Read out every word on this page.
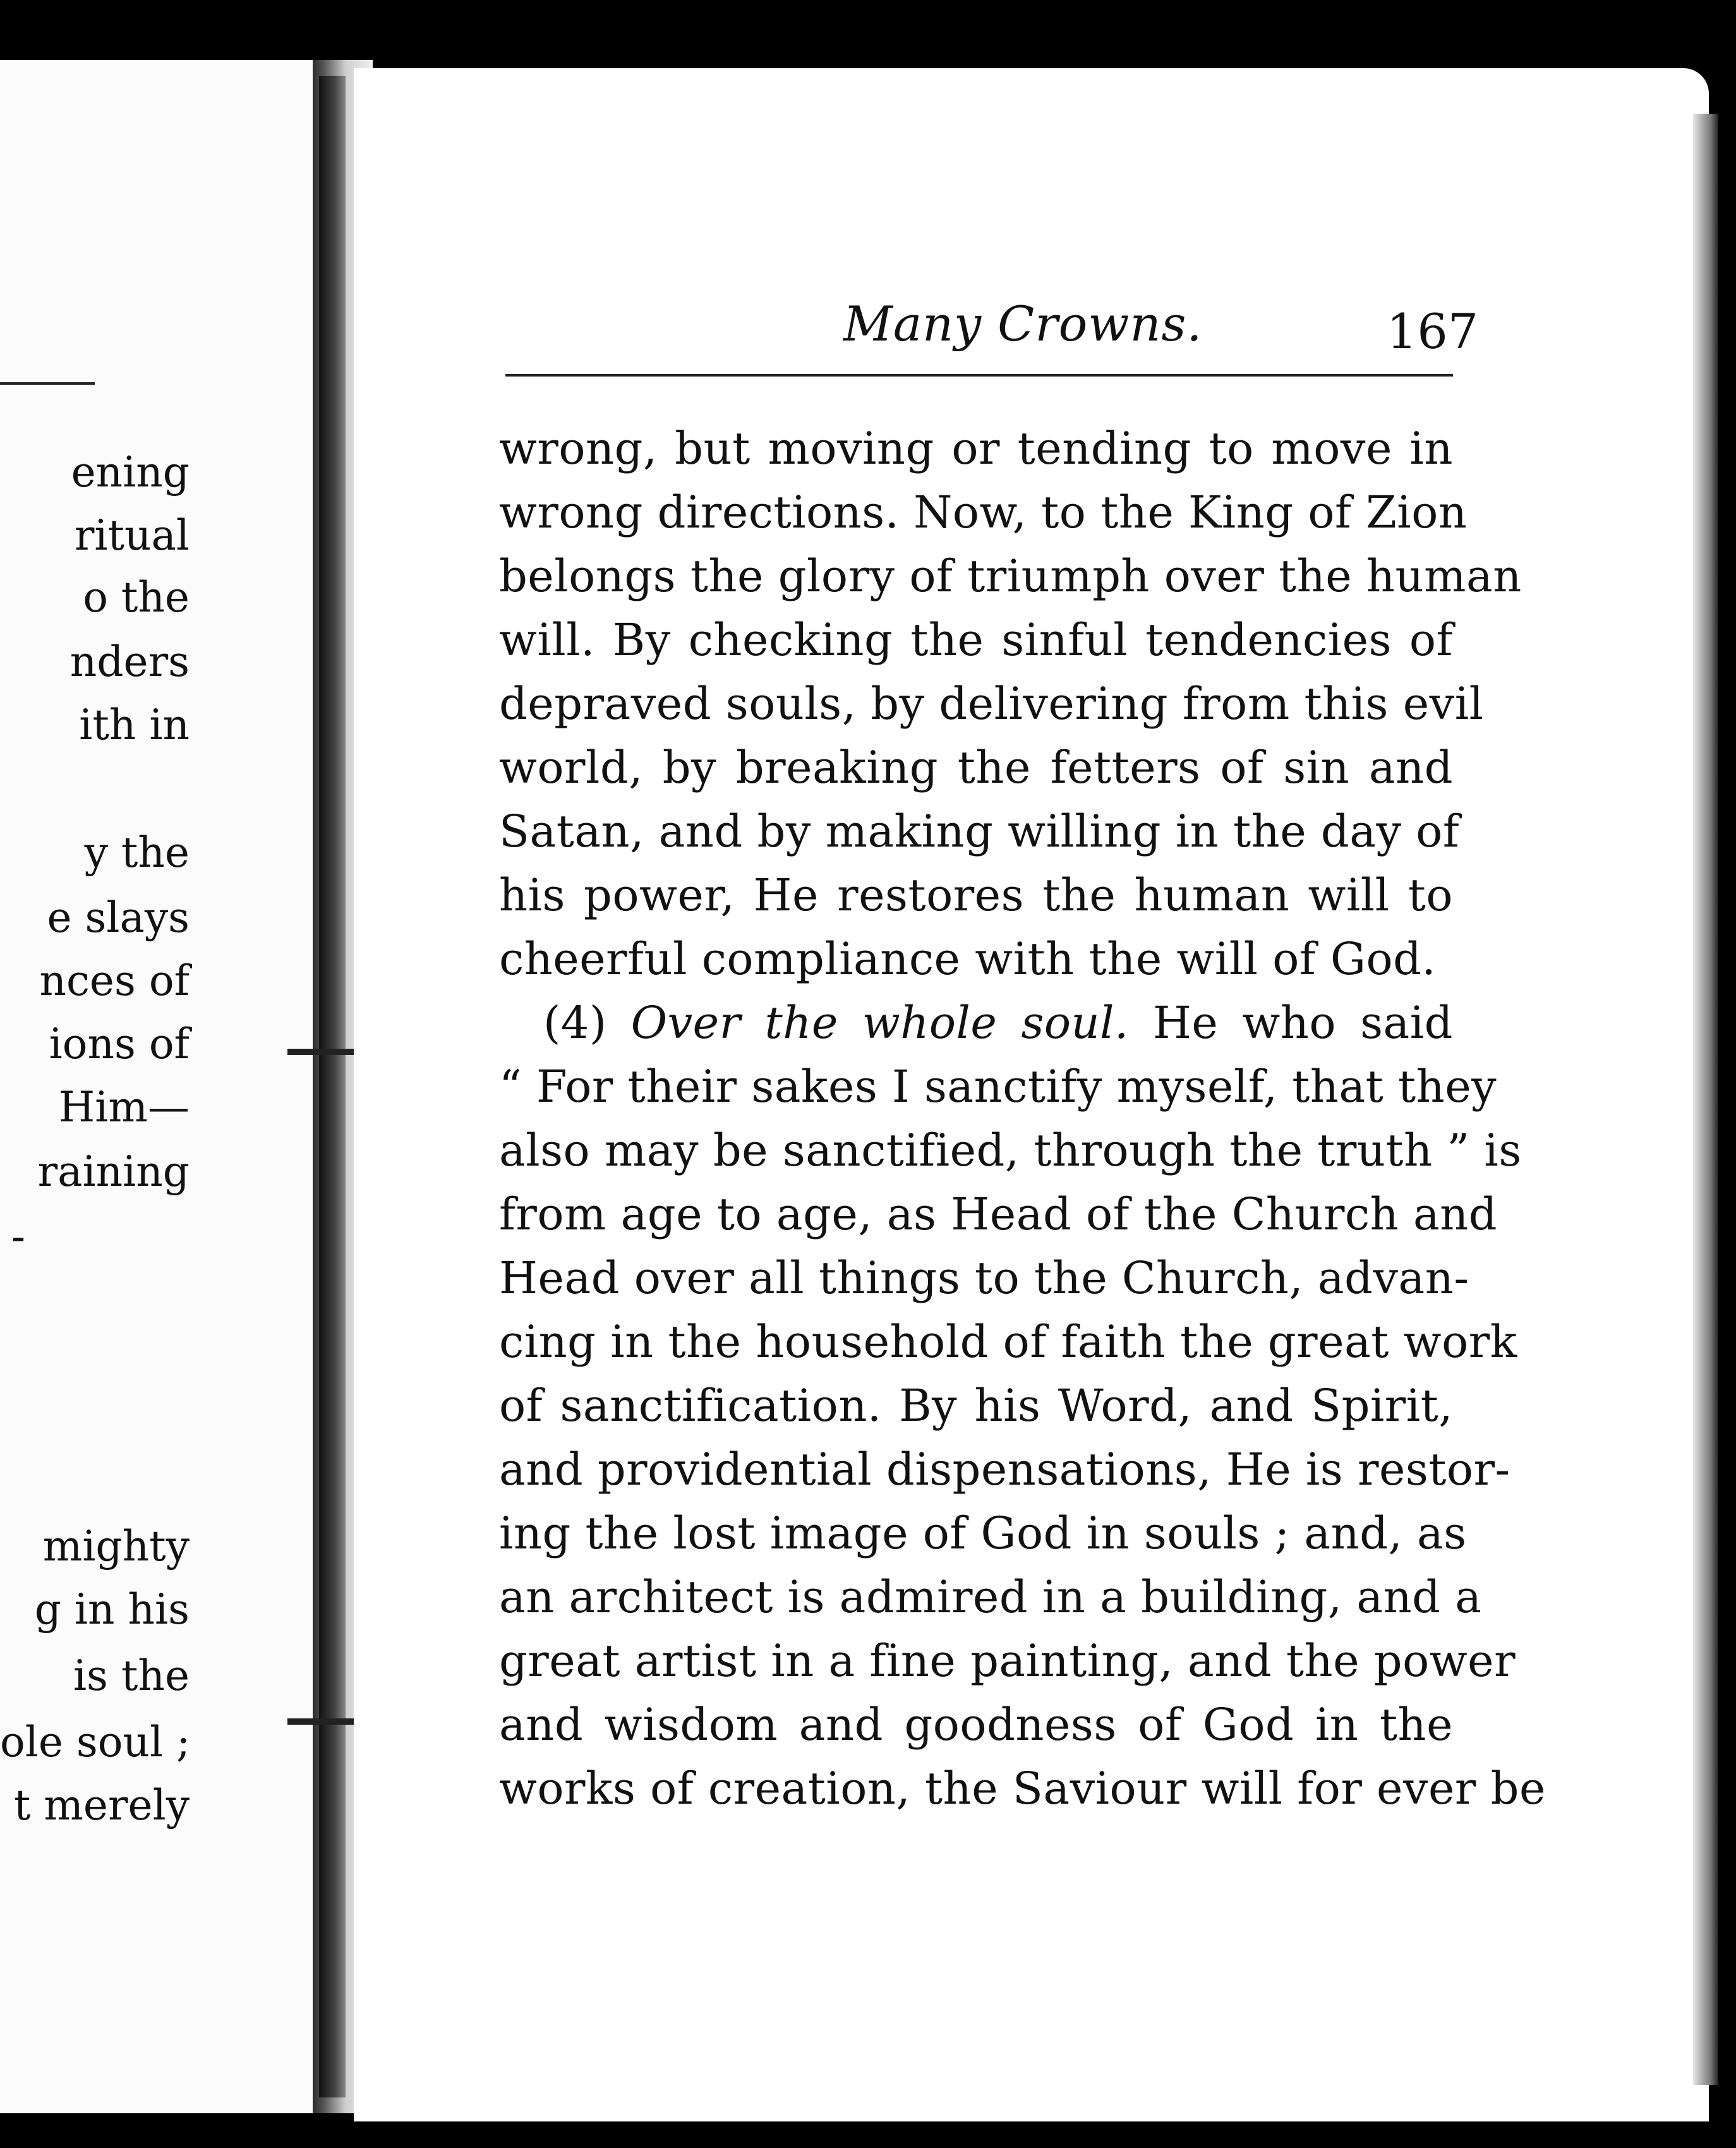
ening
ritual
o the
nders
ith in
y the
e slays
nces of
ions of
Him—
raining
-
mighty
g in his
is the
ole soul ;
t merely
Many Crowns.	167
wrong, but moving or tending to move in
wrong directions. Now, to the King of Zion
belongs the glory of triumph over the human
will. By checking the sinful tendencies of
depraved souls, by delivering from this evil
world, by breaking the fetters of sin and
Satan, and by making willing in the day of
his power, He restores the human will to
cheerful compliance with the will of God.
(4) Over the whole soul. He who said
“ For their sakes I sanctify myself, that they
also may be sanctified, through the truth ” is
from age to age, as Head of the Church and
Head over all things to the Church, advan-
cing in the household of faith the great work
of sanctification. By his Word, and Spirit,
and providential dispensations, He is restor-
ing the lost image of God in souls ; and, as
an architect is admired in a building, and a
great artist in a fine painting, and the power
and wisdom and goodness of God in the
works of creation, the Saviour will for ever be
